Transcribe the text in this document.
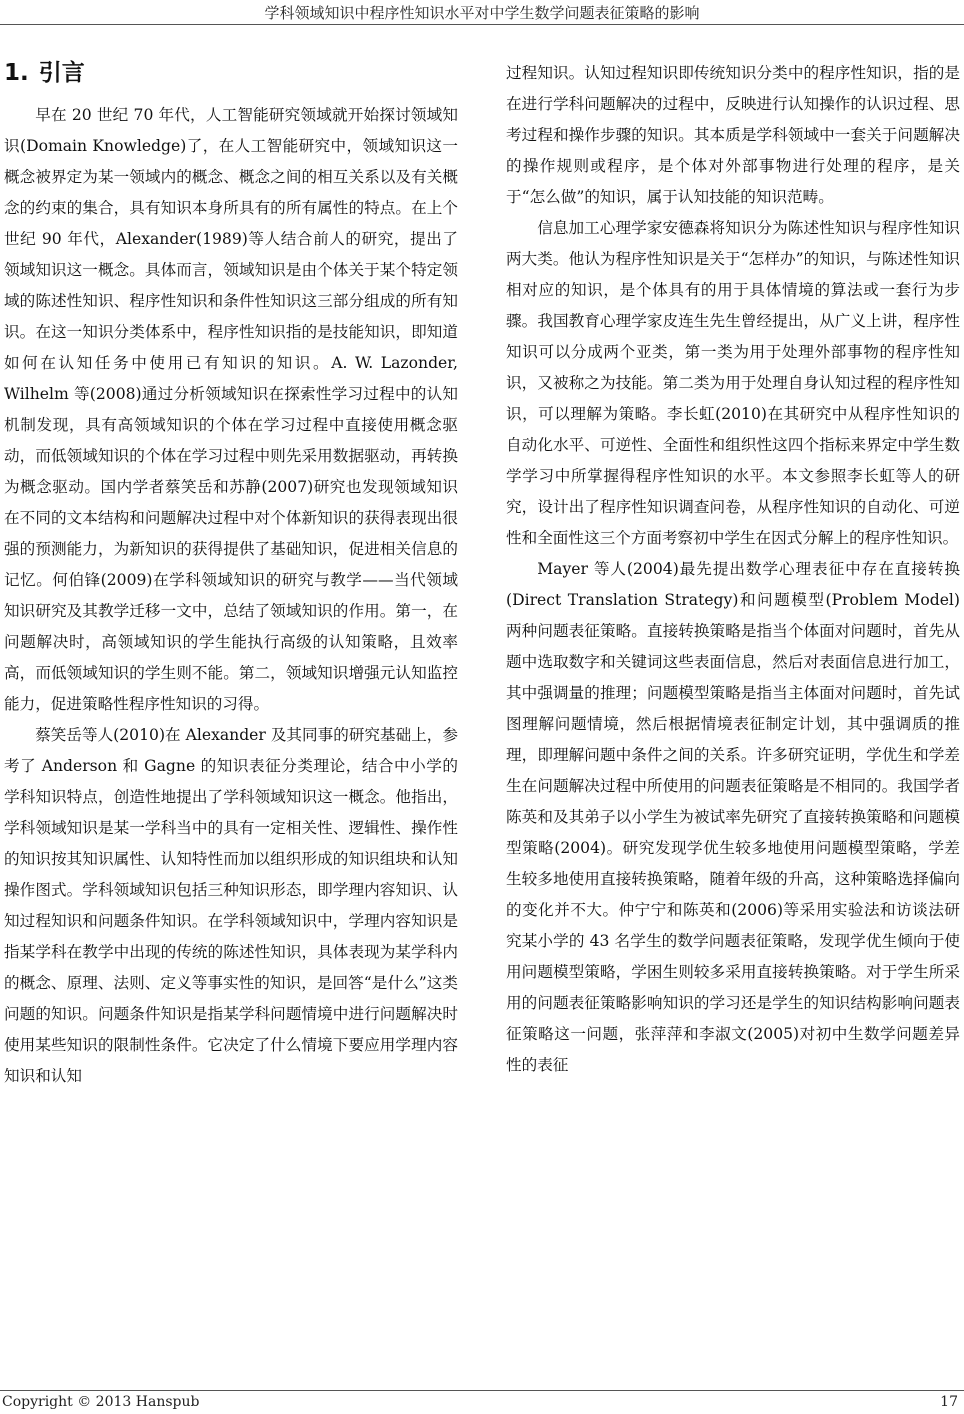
学科领域知识中程序性知识水平对中学生数学问题表征策略的影响
1. 引言

早在 20 世纪 70 年代，人工智能研究领域就开始探讨领域知识(Domain Knowledge)了，在人工智能研究中，领域知识这一概念被界定为某一领域内的概念、概念之间的相互关系以及有关概念的约束的集合，具有知识本身所具有的所有属性的特点。在上个世纪 90 年代，Alexander(1989)等人结合前人的研究，提出了领域知识这一概念。具体而言，领域知识是由个体关于某个特定领域的陈述性知识、程序性知识和条件性知识这三部分组成的所有知识。在这一知识分类体系中，程序性知识指的是技能知识，即知道如何在认知任务中使用已有知识的知识。A. W. Lazonder, Wilhelm 等(2008)通过分析领域知识在探索性学习过程中的认知机制发现，具有高领域知识的个体在学习过程中直接使用概念驱动，而低领域知识的个体在学习过程中则先采用数据驱动，再转换为概念驱动。国内学者蔡笑岳和苏静(2007)研究也发现领域知识在不同的文本结构和问题解决过程中对个体新知识的获得表现出很强的预测能力，为新知识的获得提供了基础知识，促进相关信息的记忆。何伯锋(2009)在学科领域知识的研究与教学——当代领域知识研究及其教学迁移一文中，总结了领域知识的作用。第一，在问题解决时，高领域知识的学生能执行高级的认知策略，且效率高，而低领域知识的学生则不能。第二，领域知识增强元认知监控能力，促进策略性程序性知识的习得。

蔡笑岳等人(2010)在 Alexander 及其同事的研究基础上，参考了 Anderson 和 Gagne 的知识表征分类理论，结合中小学的学科知识特点，创造性地提出了学科领域知识这一概念。他指出，学科领域知识是某一学科当中的具有一定相关性、逻辑性、操作性的知识按其知识属性、认知特性而加以组织形成的知识组块和认知操作图式。学科领域知识包括三种知识形态，即学理内容知识、认知过程知识和问题条件知识。在学科领域知识中，学理内容知识是指某学科在教学中出现的传统的陈述性知识，具体表现为某学科内的概念、原理、法则、定义等事实性的知识，是回答“是什么”这类问题的知识。问题条件知识是指某学科问题情境中进行问题解决时使用某些知识的限制性条件。它决定了什么情境下要应用学理内容知识和认知

过程知识。认知过程知识即传统知识分类中的程序性知识，指的是在进行学科问题解决的过程中，反映进行认知操作的认识过程、思考过程和操作步骤的知识。其本质是学科领域中一套关于问题解决的操作规则或程序，是个体对外部事物进行处理的程序，是关于“怎么做”的知识，属于认知技能的知识范畴。

信息加工心理学家安德森将知识分为陈述性知识与程序性知识两大类。他认为程序性知识是关于“怎样办”的知识，与陈述性知识相对应的知识，是个体具有的用于具体情境的算法或一套行为步骤。我国教育心理学家皮连生先生曾经提出，从广义上讲，程序性知识可以分成两个亚类，第一类为用于处理外部事物的程序性知识，又被称之为技能。第二类为用于处理自身认知过程的程序性知识，可以理解为策略。李长虹(2010)在其研究中从程序性知识的自动化水平、可逆性、全面性和组织性这四个指标来界定中学生数学学习中所掌握得程序性知识的水平。本文参照李长虹等人的研究，设计出了程序性知识调查问卷，从程序性知识的自动化、可逆性和全面性这三个方面考察初中学生在因式分解上的程序性知识。

Mayer 等人(2004)最先提出数学心理表征中存在直接转换(Direct Translation Strategy)和问题模型(Problem Model)两种问题表征策略。直接转换策略是指当个体面对问题时，首先从题中选取数字和关键词这些表面信息，然后对表面信息进行加工，其中强调量的推理；问题模型策略是指当主体面对问题时，首先试图理解问题情境，然后根据情境表征制定计划，其中强调质的推理，即理解问题中条件之间的关系。许多研究证明，学优生和学差生在问题解决过程中所使用的问题表征策略是不相同的。我国学者陈英和及其弟子以小学生为被试率先研究了直接转换策略和问题模型策略(2004)。研究发现学优生较多地使用问题模型策略，学差生较多地使用直接转换策略，随着年级的升高，这种策略选择偏向的变化并不大。仲宁宁和陈英和(2006)等采用实验法和访谈法研究某小学的 43 名学生的数学问题表征策略，发现学优生倾向于使用问题模型策略，学困生则较多采用直接转换策略。对于学生所采用的问题表征策略影响知识的学习还是学生的知识结构影响问题表征策略这一问题，张萍萍和李淑文(2005)对初中生数学问题差异性的表征

Copyright © 2013 Hanspub	17
